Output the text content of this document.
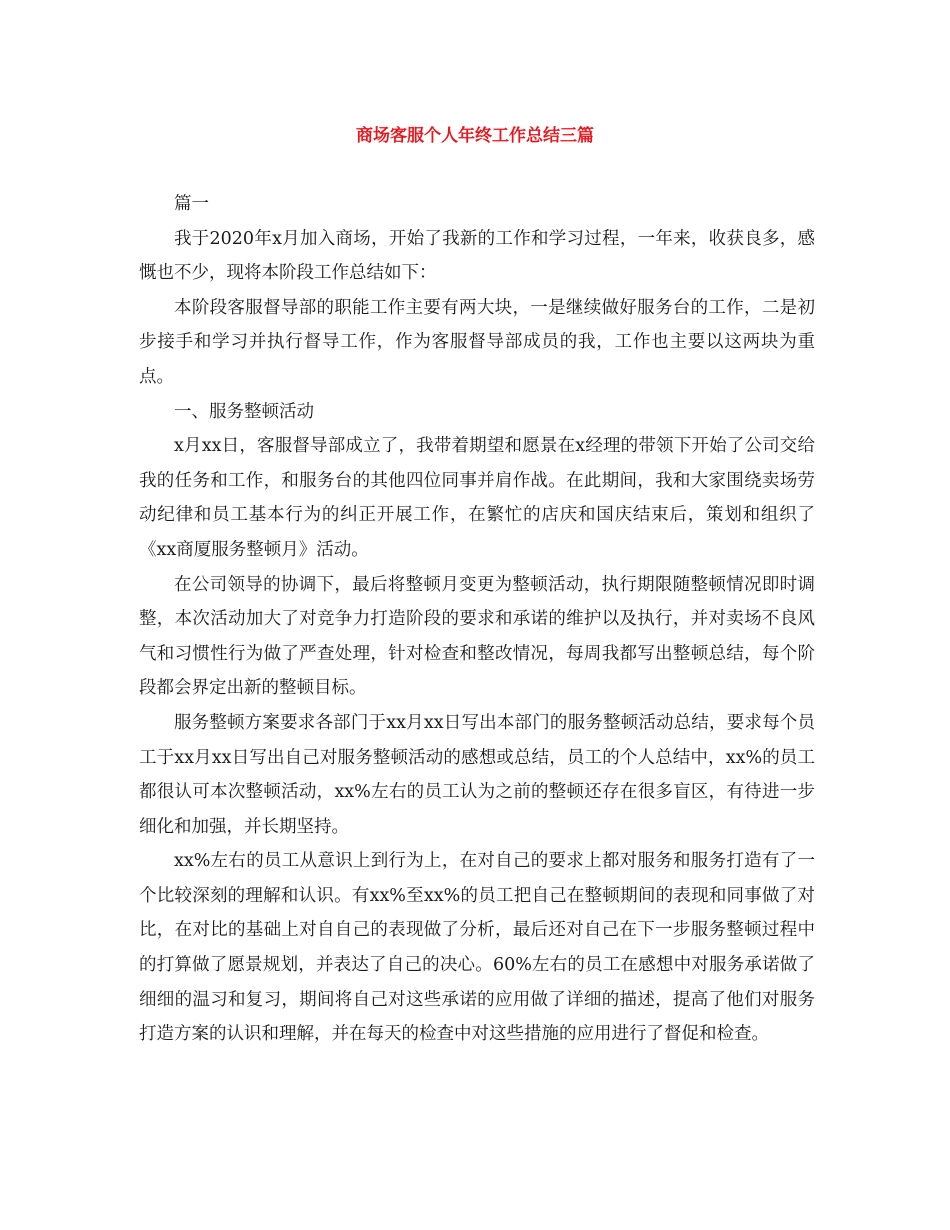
商场客服个人年终工作总结三篇

篇一

我于2020年x月加入商场，开始了我新的工作和学习过程，一年来，收获良多，感慨也不少，现将本阶段工作总结如下：

本阶段客服督导部的职能工作主要有两大块，一是继续做好服务台的工作，二是初步接手和学习并执行督导工作，作为客服督导部成员的我，工作也主要以这两块为重点。

一、服务整顿活动

x月xx日，客服督导部成立了，我带着期望和愿景在x经理的带领下开始了公司交给我的任务和工作，和服务台的其他四位同事并肩作战。在此期间，我和大家围绕卖场劳动纪律和员工基本行为的纠正开展工作，在繁忙的店庆和国庆结束后，策划和组织了《xx商厦服务整顿月》活动。

在公司领导的协调下，最后将整顿月变更为整顿活动，执行期限随整顿情况即时调整，本次活动加大了对竞争力打造阶段的要求和承诺的维护以及执行，并对卖场不良风气和习惯性行为做了严查处理，针对检查和整改情况，每周我都写出整顿总结，每个阶段都会界定出新的整顿目标。

服务整顿方案要求各部门于xx月xx日写出本部门的服务整顿活动总结，要求每个员工于xx月xx日写出自己对服务整顿活动的感想或总结，员工的个人总结中，xx%的员工都很认可本次整顿活动，xx%左右的员工认为之前的整顿还存在很多盲区，有待进一步细化和加强，并长期坚持。

xx%左右的员工从意识上到行为上，在对自己的要求上都对服务和服务打造有了一个比较深刻的理解和认识。有xx%至xx%的员工把自己在整顿期间的表现和同事做了对比，在对比的基础上对自自己的表现做了分析，最后还对自己在下一步服务整顿过程中的打算做了愿景规划，并表达了自己的决心。60%左右的员工在感想中对服务承诺做了细细的温习和复习，期间将自己对这些承诺的应用做了详细的描述，提高了他们对服务打造方案的认识和理解，并在每天的检查中对这些措施的应用进行了督促和检查。
